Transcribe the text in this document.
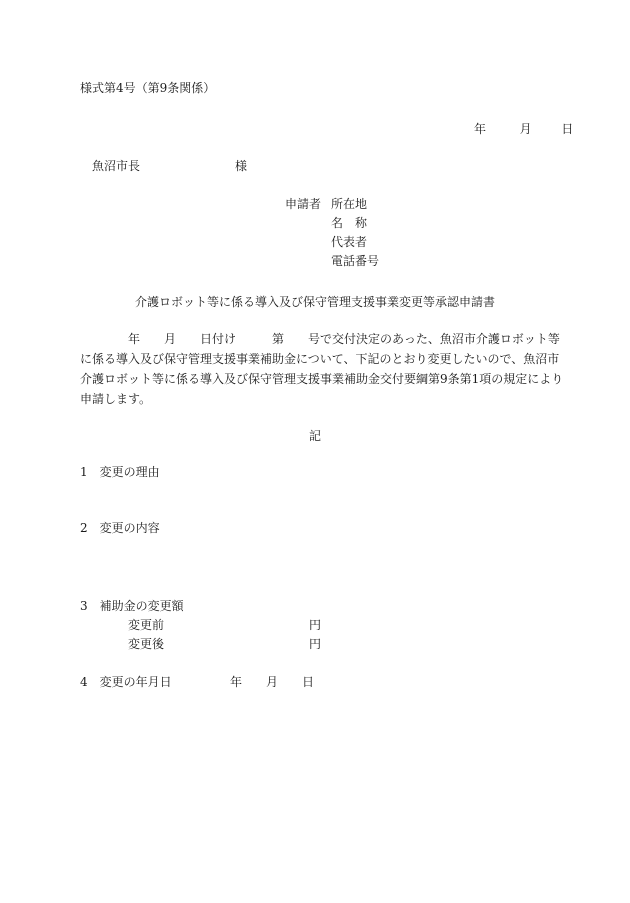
様式第4号（第9条関係）
年	月 日
魚沼市長	様
申請者 所在地
名　称
代表者
電話番号
介護ロボット等に係る導入及び保守管理支援事業変更等承認申請書
　　　　年　　月　　日付け　　　第　　号で交付決定のあった、魚沼市介護ロボット等
に係る導入及び保守管理支援事業補助金について、下記のとおり変更したいので、魚沼市
介護ロボット等に係る導入及び保守管理支援事業補助金交付要綱第9条第1項の規定により
申請します。
記
1　変更の理由
2　変更の内容
3　補助金の変更額
変更前	円
変更後	円
4　変更の年月日	年 月 日
